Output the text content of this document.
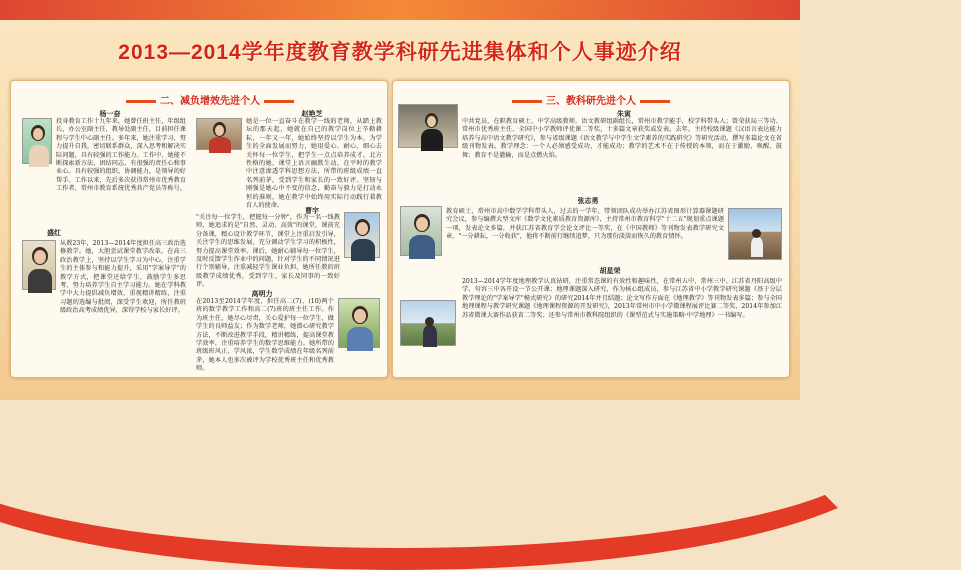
2013—2014学年度教育教学科研先进集体和个人事迹介绍
二、减负增效先进个人
杨一奋
投身教育工作十九年来，她曾任班主任，年级组长，办公室副主任，教导处副主任，目前担任课程与学生中心副主任。多年来，她注重学习，努力提升自我，密切联系群众，深入思考和解决实际问题，具有较强的工作能力。工作中，她能不断探索新方法，团结同志，有很强的责任心和事业心。具有较强的组织、协调能力，是领导的好帮手。工作以来，先后多次获得常州市优秀教育工作者、常州市教育系统优秀共产党员等称号。
盛红
从教23年，2013—2014年度担任高三政治选修教学。她，大胆尝试课堂教学改革，在高三政治教学上，坚持以学生学习为中心，注重学生的主体参与和能力提升，采用"学案导学"的教学方式，把课堂还给学生，鼓励学生多思考，努力培养学生自主学习能力。她在学科教学中大力提倡减负增效，重视精讲精练，注重习题的选编与批阅，深受学生欢迎，所任教班级政治高考成绩优异，深得学校与家长好评。
赵艳芝
她是一位一直奋斗在教学一线的老师，从踏上教坛的那天起，她就在自己的教学岗位上辛勤耕耘，一年又一年，她始终坚持以学生为本，为学生的全面发展而努力，她用爱心、耐心、细心去关怀每一位学生，把学生一点点培养成才。北方性格的她，课堂上语言幽默生动，在平时的教学中注意渗透学科思想方法，所带的班级成绩一直名列前茅，受到学生和家长的一致好评。坚韧与刚强是她心中不变的信念，勤奋与毅力是打动永恒的准则，她在教学中始终用实际行动践行着教育人的使命。
曹宇
"关注每一位学生，把握每一分钟"，作为一名一线教师，她追求的是"自然、灵动、高效"的课堂，课前充分备课，精心设计教学环节，课堂上注重启发引导，关注学生的思维发展，充分调动学生学习的积极性，努力提高课堂效率。课后，她耐心辅导每一位学生，及时反馈学生作业中的问题，针对学生的不同情况进行个别辅导，注重减轻学生课业负担，她所任教的班级教学成绩优秀，受到学生、家长及同事的一致好评。
高明力
在2013至2014学年度，担任高二(7)、(10)两个班的数学教学工作和高二(7)班的班主任工作。作为班主任，她尽心尽责，关心爱护每一位学生，做学生的良师益友；作为数学老师，她潜心研究教学方法，不断改进教学手段，精讲精练，提高课堂教学效率，注重培养学生的数学思维能力。她所带的班级班风正、学风浓，学生数学成绩在年级名列前茅，她本人也多次被评为学校优秀班主任和优秀教师。
三、教科研先进个人
朱寅
中共党员，在职教育硕士，中学高级教师，语文教研组副组长，常州市教学能手，校学科带头人；曾荣获局三等功、常州市优秀班主任、全国中小学教师评优课二等奖，十多篇文章获奖或发表。去年，主持校级课题《汉语言表达能力培养与高中语文教学研究》，参与省级课题《语文教学与中学生文学素养的实践研究》等研究活动，撰写多篇论文在省级刊物发表。教学理念：一个人必须感受成功，才能成功；教学的艺术不在于传授的本领，而在于激励、唤醒、鼓舞；教育不是灌输，而是点燃火焰。
张志勇
教育硕士，常州市高中数学学科带头人，过去的一学年，带领团队成功举办江苏省图形计算器课题研究会议，参与编撰大型文库《数学文化素质教育资源库》，主持常州市教育科学"十二五"规划重点课题一项，发表论文多篇，并获江苏省教育学会论文评比一等奖，在《中国教师》等刊物发表教学研究文章。"一分耕耘，一分收获"，他将不断前行继续追梦，只为那份淡淡而恢久的教育情怀。
胡星荣
2013—2014学年度地理教学认真钻研，注重常态课的有效性和趣味性，在常州五中、常州三中、江苏省丹阳高级中学、句容三中各开设一节公开课；地理课题深入研究，作为核心组成员，参与江苏省中小学教学研究课题《基于分层教学理论的"学案导学"模式研究》的研究2014年并且结题；论文写作方面在《地理教学》等刊物发表多篇；参与全国地理课程与教学研究课题《地理课程资源的开发研究》，2013年常州市中小学微课程展评比赛二等奖、2014年参加江苏省微课大赛作品获省二等奖；还参与常州市教科院组织的《课型范式与实施策略·中学地理》一书编写。
